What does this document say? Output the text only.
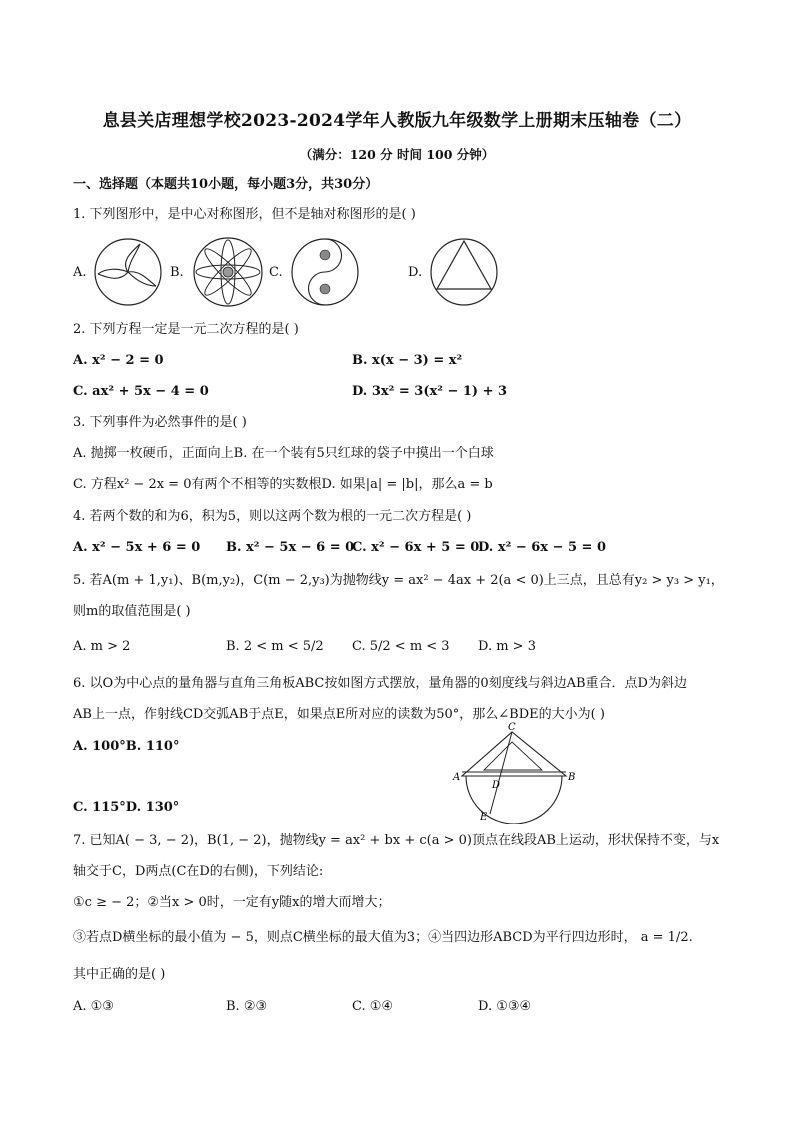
息县关店理想学校2023-2024学年人教版九年级数学上册期末压轴卷（二）
（满分：120 分 时间 100 分钟）
一、选择题（本题共10小题，每小题3分，共30分）
1. 下列图形中，是中心对称图形，但不是轴对称图形的是( )
A.	B.	C.	D.
2. 下列方程一定是一元二次方程的是( )
A. x² − 2 = 0	B. x(x − 3) = x²
C. ax² + 5x − 4 = 0	D. 3x² = 3(x² − 1) + 3
3. 下列事件为必然事件的是( )
A. 抛掷一枚硬币，正面向上B. 在一个装有5只红球的袋子中摸出一个白球
C. 方程x² − 2x = 0有两个不相等的实数根D. 如果|a| = |b|，那么a = b
4. 若两个数的和为6，积为5，则以这两个数为根的一元二次方程是( )
A. x² − 5x + 6 = 0 B. x² − 5x − 6 = 0
C. x² − 6x + 5 = 0
D. x² − 6x − 5 = 0
5. 若A(m + 1,y₁)、B(m,y₂)，C(m − 2,y₃)为抛物线y = ax² − 4ax + 2(a < 0)上三点，且总有y₂ > y₃ > y₁，
则m的取值范围是( )
A. m > 2	B. 2 < m < 5/2 C. 5/2 < m < 3 D. m > 3
6. 以O为中心点的量角器与直角三角板ABC按如图方式摆放，量角器的0刻度线与斜边AB重合．点D为斜边
AB上一点，作射线CD交弧AB于点E，如果点E所对应的读数为50°，那么∠BDE的大小为( )
A. 100°B. 110°
C. 115°D. 130°
C
A	B
D
E
7. 已知A( − 3, − 2)，B(1, − 2)，抛物线y = ax² + bx + c(a > 0)顶点在线段AB上运动，形状保持不变，与x
轴交于C，D两点(C在D的右侧)，下列结论:
①c ≥ − 2；②当x > 0时，一定有y随x的增大而增大；
③若点D横坐标的最小值为 − 5，则点C横坐标的最大值为3；④当四边形ABCD为平行四边形时， a = 1/2.
其中正确的是( )
A. ①③	B. ②③	C. ①④	D. ①③④
